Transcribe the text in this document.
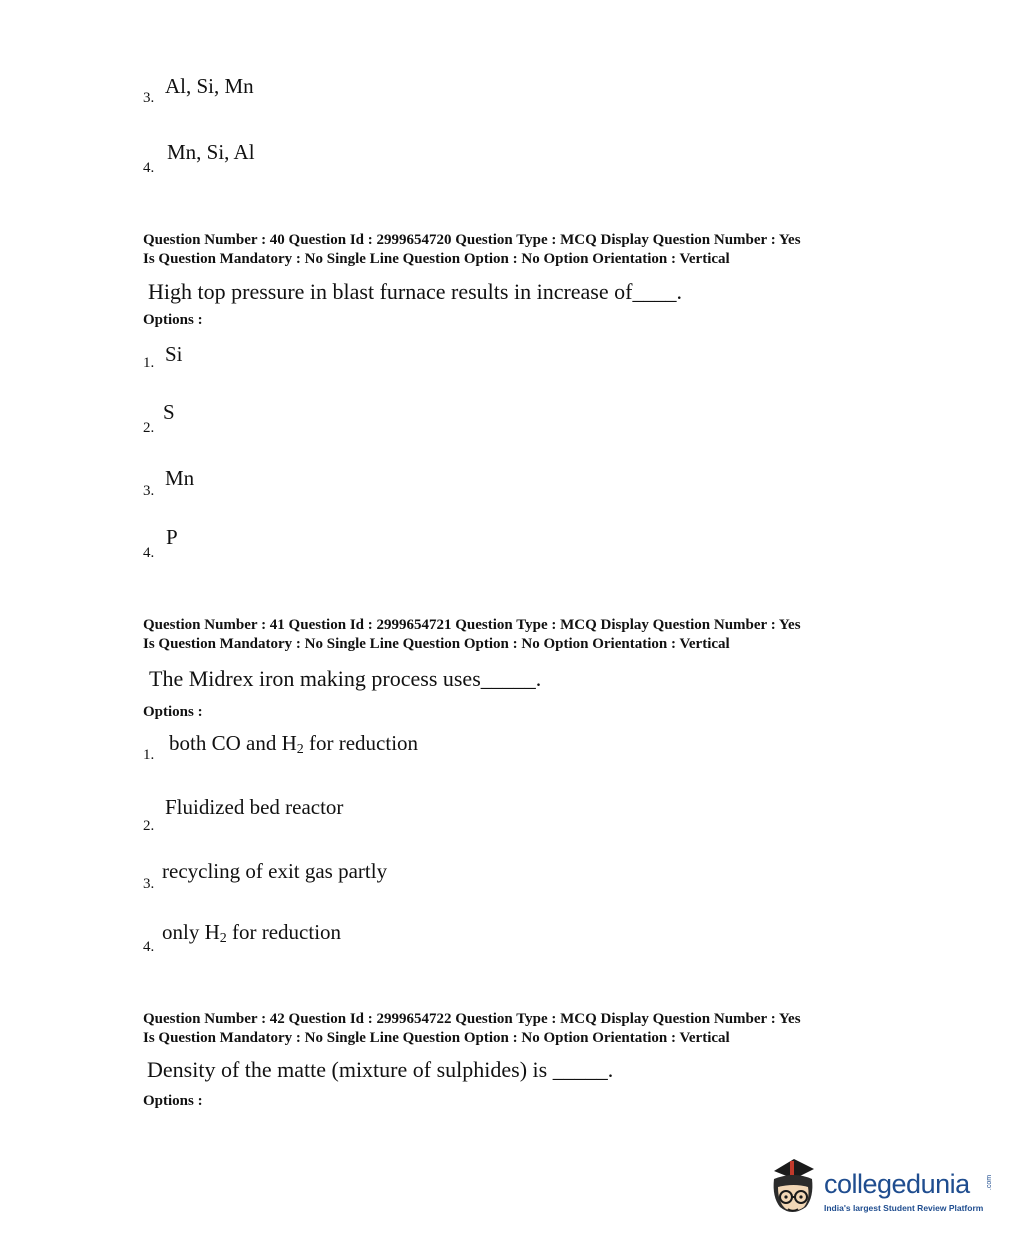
3. Al, Si, Mn
4.
Mn, Si, Al
Question Number : 40 Question Id : 2999654720 Question Type : MCQ Display Question Number : Yes
Is Question Mandatory : No Single Line Question Option : No Option Orientation : Vertical
High top pressure in blast furnace results in increase of____.
Options :
1. Si
2.
S
3.
Mn
4.
P
Question Number : 41 Question Id : 2999654721 Question Type : MCQ Display Question Number : Yes
Is Question Mandatory : No Single Line Question Option : No Option Orientation : Vertical
The Midrex iron making process uses_____.
Options :
1. both CO and $H_2$ for reduction
2.
Fluidized bed reactor
3.
recycling of exit gas partly
4.
only $H_2$ for reduction
Question Number : 42 Question Id : 2999654722 Question Type : MCQ Display Question Number : Yes
Is Question Mandatory : No Single Line Question Option : No Option Orientation : Vertical
Density of the matte (mixture of sulphides) is _____.
Options :
collegedunia .com
India's largest Student Review Platform
